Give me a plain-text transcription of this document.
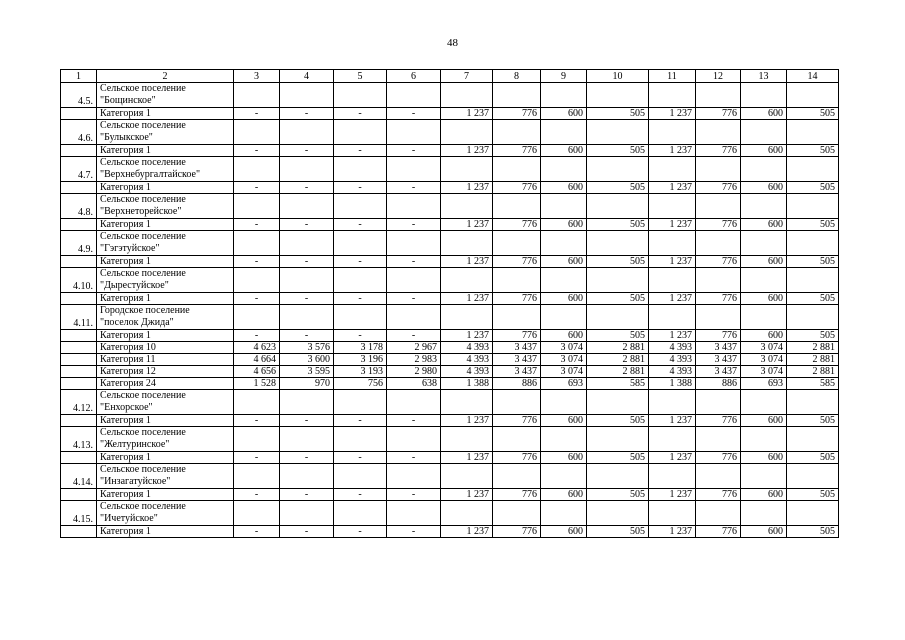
48
1	2	3	4	5	6	7	8	9	10	11	12	13	14
4.5.	Сельское поселение
"Бощинское"												
	Категория 1	-	-	-	-	1 237	776	600	505	1 237	776	600	505
4.6.	Сельское поселение
"Булыкское"												
	Категория 1	-	-	-	-	1 237	776	600	505	1 237	776	600	505
4.7.	Сельское поселение
"Верхнебургалтайское"												
	Категория 1	-	-	-	-	1 237	776	600	505	1 237	776	600	505
4.8.	Сельское поселение
"Верхнеторейское"												
	Категория 1	-	-	-	-	1 237	776	600	505	1 237	776	600	505
4.9.	Сельское поселение
"Гэгэтуйское"												
	Категория 1	-	-	-	-	1 237	776	600	505	1 237	776	600	505
4.10.	Сельское поселение
"Дырестуйское"												
	Категория 1	-	-	-	-	1 237	776	600	505	1 237	776	600	505
4.11.	Городское поселение
"поселок Джида"												
	Категория 1	-	-	-	-	1 237	776	600	505	1 237	776	600	505
	Категория 10	4 623	3 576	3 178	2 967	4 393	3 437	3 074	2 881	4 393	3 437	3 074	2 881
	Категория 11	4 664	3 600	3 196	2 983	4 393	3 437	3 074	2 881	4 393	3 437	3 074	2 881
	Категория 12	4 656	3 595	3 193	2 980	4 393	3 437	3 074	2 881	4 393	3 437	3 074	2 881
	Категория 24	1 528	970	756	638	1 388	886	693	585	1 388	886	693	585
4.12.	Сельское поселение
"Енхорское"												
	Категория 1	-	-	-	-	1 237	776	600	505	1 237	776	600	505
4.13.	Сельское поселение
"Желтуринское"												
	Категория 1	-	-	-	-	1 237	776	600	505	1 237	776	600	505
4.14.	Сельское поселение
"Инзагатуйское"												
	Категория 1	-	-	-	-	1 237	776	600	505	1 237	776	600	505
4.15.	Сельское поселение
"Ичетуйское"												
	Категория 1	-	-	-	-	1 237	776	600	505	1 237	776	600	505
